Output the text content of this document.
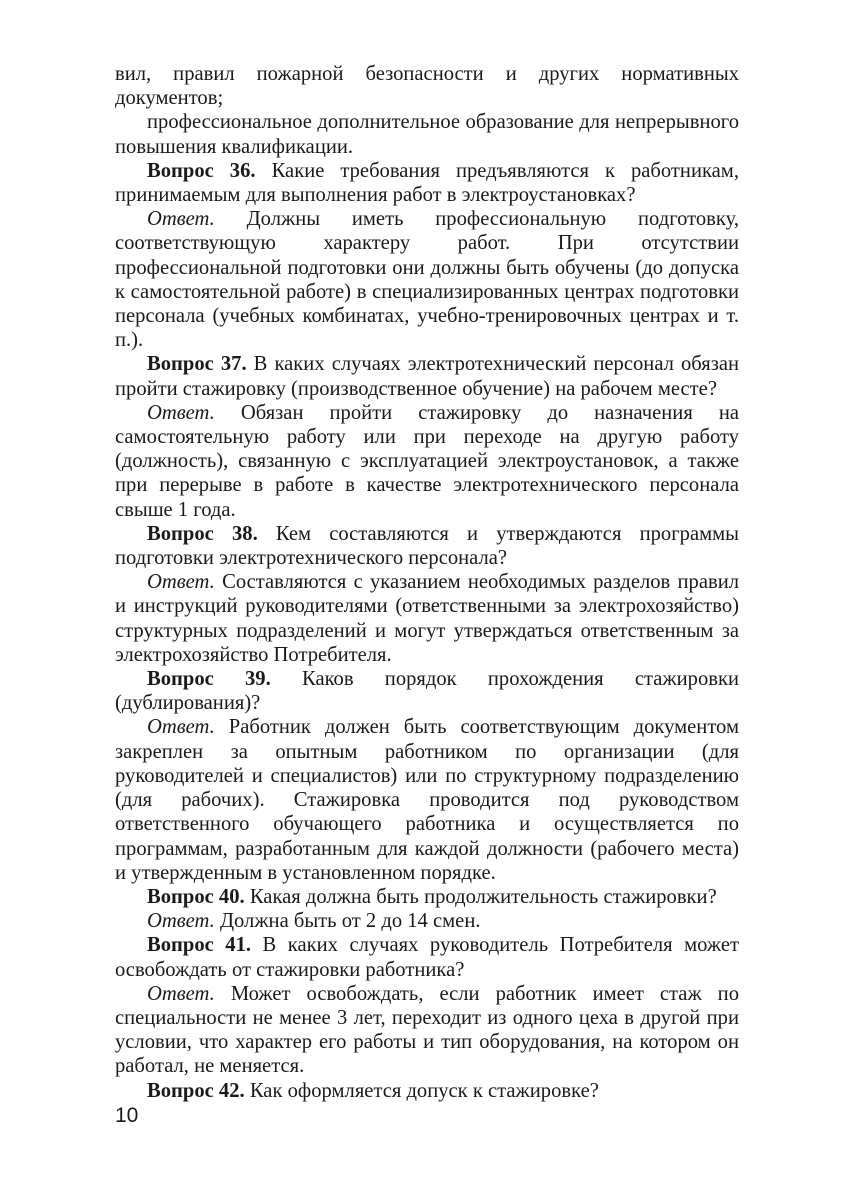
вил, правил пожарной безопасности и других нормативных документов;

профессиональное дополнительное образование для непрерывного повышения квалификации.

Вопрос 36. Какие требования предъявляются к работникам, принимаемым для выполнения работ в электроустановках?

Ответ. Должны иметь профессиональную подготовку, соответствующую характеру работ. При отсутствии профессиональной подготовки они должны быть обучены (до допуска к самостоятельной работе) в специализированных центрах подготовки персонала (учебных комбинатах, учебно-тренировочных центрах и т. п.).

Вопрос 37. В каких случаях электротехнический персонал обязан пройти стажировку (производственное обучение) на рабочем месте?

Ответ. Обязан пройти стажировку до назначения на самостоятельную работу или при переходе на другую работу (должность), связанную с эксплуатацией электроустановок, а также при перерыве в работе в качестве электротехнического персонала свыше 1 года.

Вопрос 38. Кем составляются и утверждаются программы подготовки электротехнического персонала?

Ответ. Составляются с указанием необходимых разделов правил и инструкций руководителями (ответственными за электрохозяйство) структурных подразделений и могут утверждаться ответственным за электрохозяйство Потребителя.

Вопрос 39. Каков порядок прохождения стажировки (дублирования)?

Ответ. Работник должен быть соответствующим документом закреплен за опытным работником по организации (для руководителей и специалистов) или по структурному подразделению (для рабочих). Стажировка проводится под руководством ответственного обучающего работника и осуществляется по программам, разработанным для каждой должности (рабочего места) и утвержденным в установленном порядке.

Вопрос 40. Какая должна быть продолжительность стажировки?

Ответ. Должна быть от 2 до 14 смен.

Вопрос 41. В каких случаях руководитель Потребителя может освобождать от стажировки работника?

Ответ. Может освобождать, если работник имеет стаж по специальности не менее 3 лет, переходит из одного цеха в другой при условии, что характер его работы и тип оборудования, на котором он работал, не меняется.

Вопрос 42. Как оформляется допуск к стажировке?

10
